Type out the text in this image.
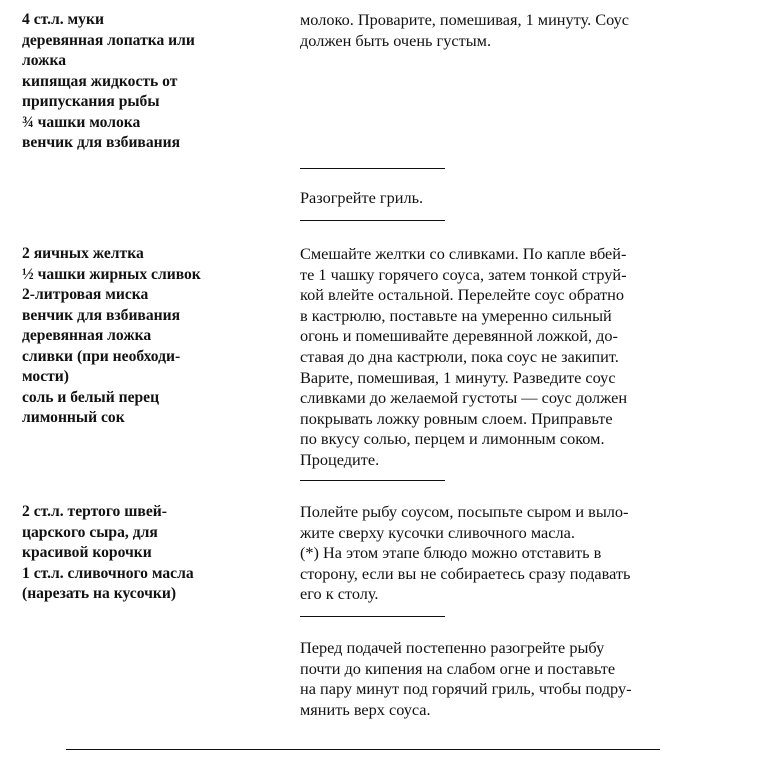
4 ст.л. муки

деревянная лопатка или
ложка

кипящая жидкость от
припускания рыбы

¾ чашки молока

венчик для взбивания

молоко. Проварите, помешивая, 1 минуту. Соус
должен быть очень густым.

Разогрейте гриль.

2 яичных желтка

½ чашки жирных сливок

2-литровая миска

венчик для взбивания

деревянная ложка

сливки (при необходи-
мости)

соль и белый перец

лимонный сок

Смешайте желтки со сливками. По капле вбей-
те 1 чашку горячего соуса, затем тонкой струй-
кой влейте остальной. Перелейте соус обратно
в кастрюлю, поставьте на умеренно сильный
огонь и помешивайте деревянной ложкой, до-
ставая до дна кастрюли, пока соус не закипит.
Варите, помешивая, 1 минуту. Разведите соус
сливками до желаемой густоты — соус должен
покрывать ложку ровным слоем. Приправьте
по вкусу солью, перцем и лимонным соком.
Процедите.

2 ст.л. тертого швей-
царского сыра, для
красивой корочки

1 ст.л. сливочного масла
(нарезать на кусочки)

Полейте рыбу соусом, посыпьте сыром и выло-
жите сверху кусочки сливочного масла.

(*) На этом этапе блюдо можно отставить в
сторону, если вы не собираетесь сразу подавать
его к столу.

Перед подачей постепенно разогрейте рыбу
почти до кипения на слабом огне и поставьте
на пару минут под горячий гриль, чтобы подру-
мянить верх соуса.
